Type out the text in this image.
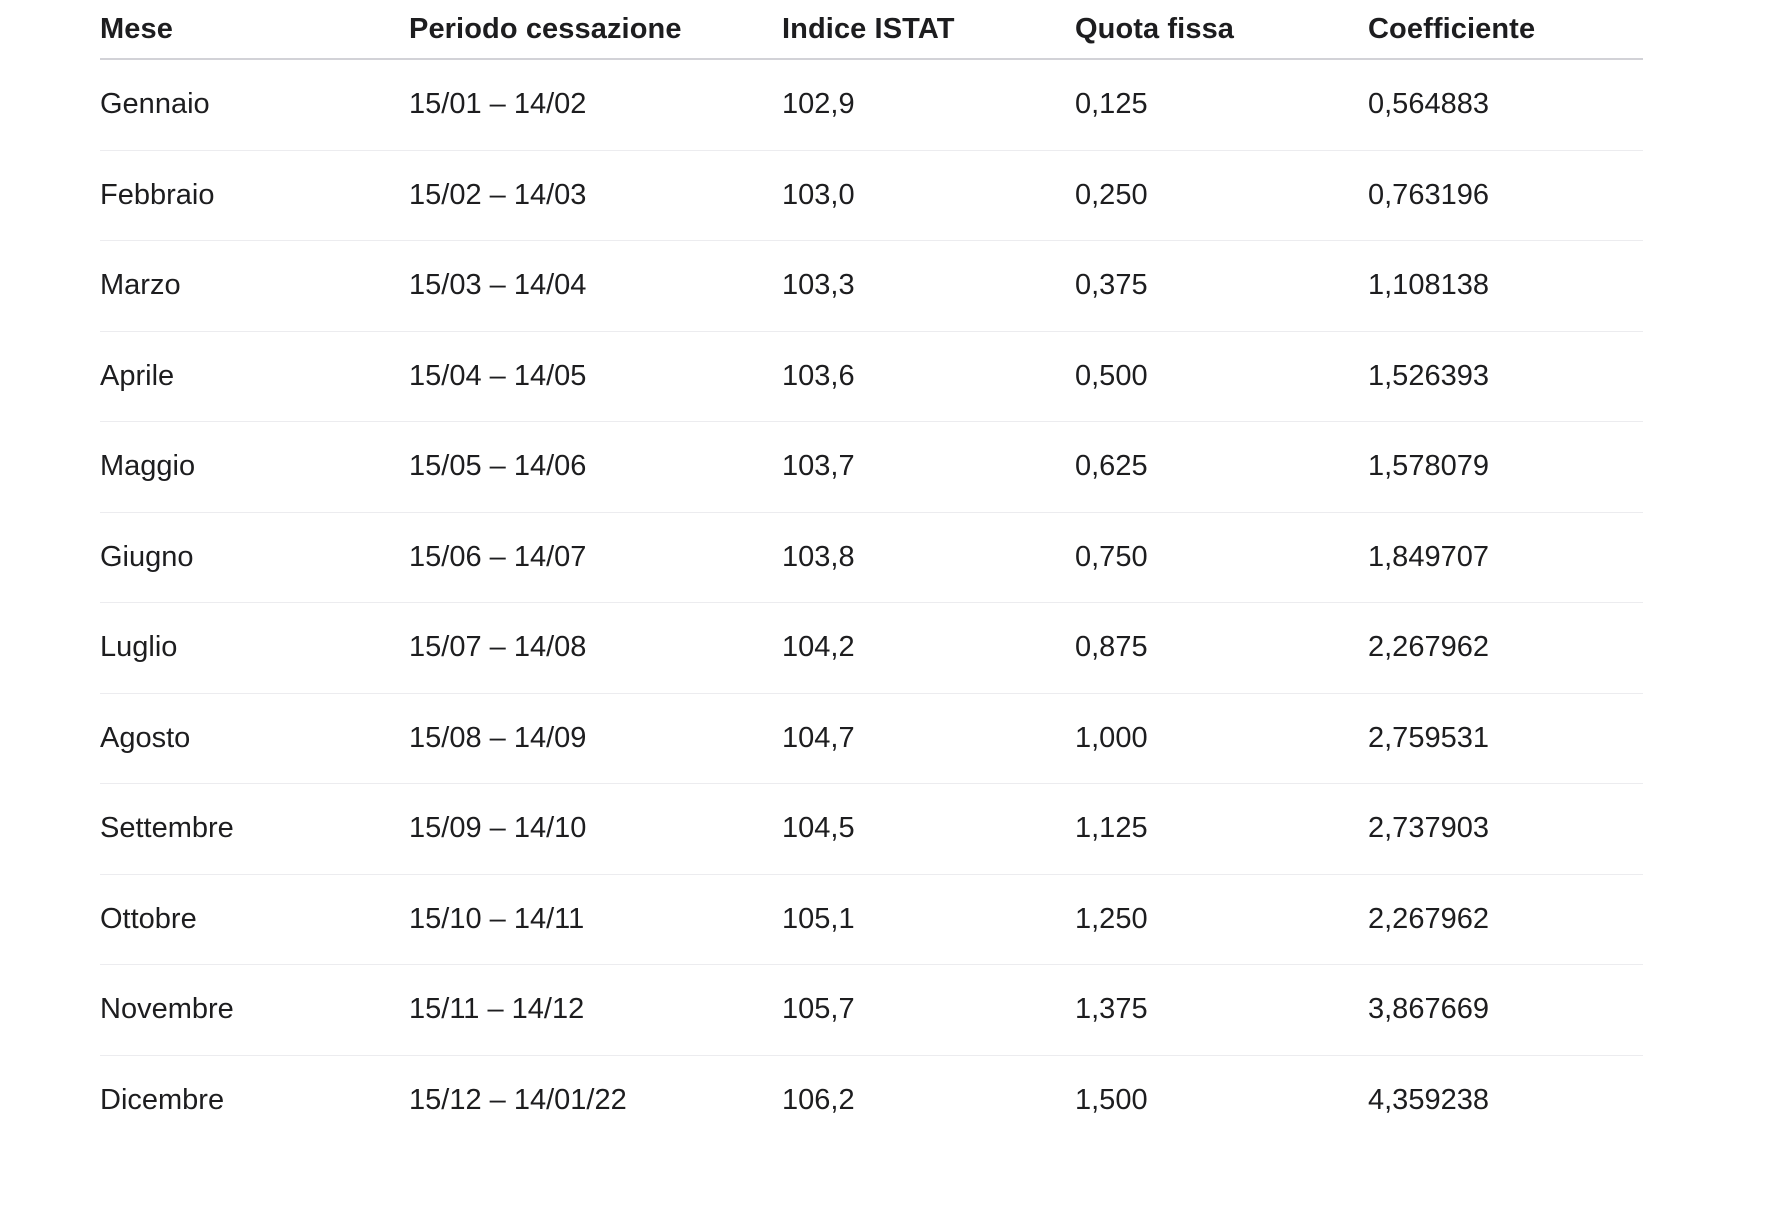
Mese	Periodo cessazione	Indice ISTAT	Quota fissa	Coefficiente
Gennaio	15/01 – 14/02	102,9	0,125	0,564883
Febbraio	15/02 – 14/03	103,0	0,250	0,763196
Marzo	15/03 – 14/04	103,3	0,375	1,108138
Aprile	15/04 – 14/05	103,6	0,500	1,526393
Maggio	15/05 – 14/06	103,7	0,625	1,578079
Giugno	15/06 – 14/07	103,8	0,750	1,849707
Luglio	15/07 – 14/08	104,2	0,875	2,267962
Agosto	15/08 – 14/09	104,7	1,000	2,759531
Settembre	15/09 – 14/10	104,5	1,125	2,737903
Ottobre	15/10 – 14/11	105,1	1,250	2,267962
Novembre	15/11 – 14/12	105,7	1,375	3,867669
Dicembre	15/12 – 14/01/22	106,2	1,500	4,359238
